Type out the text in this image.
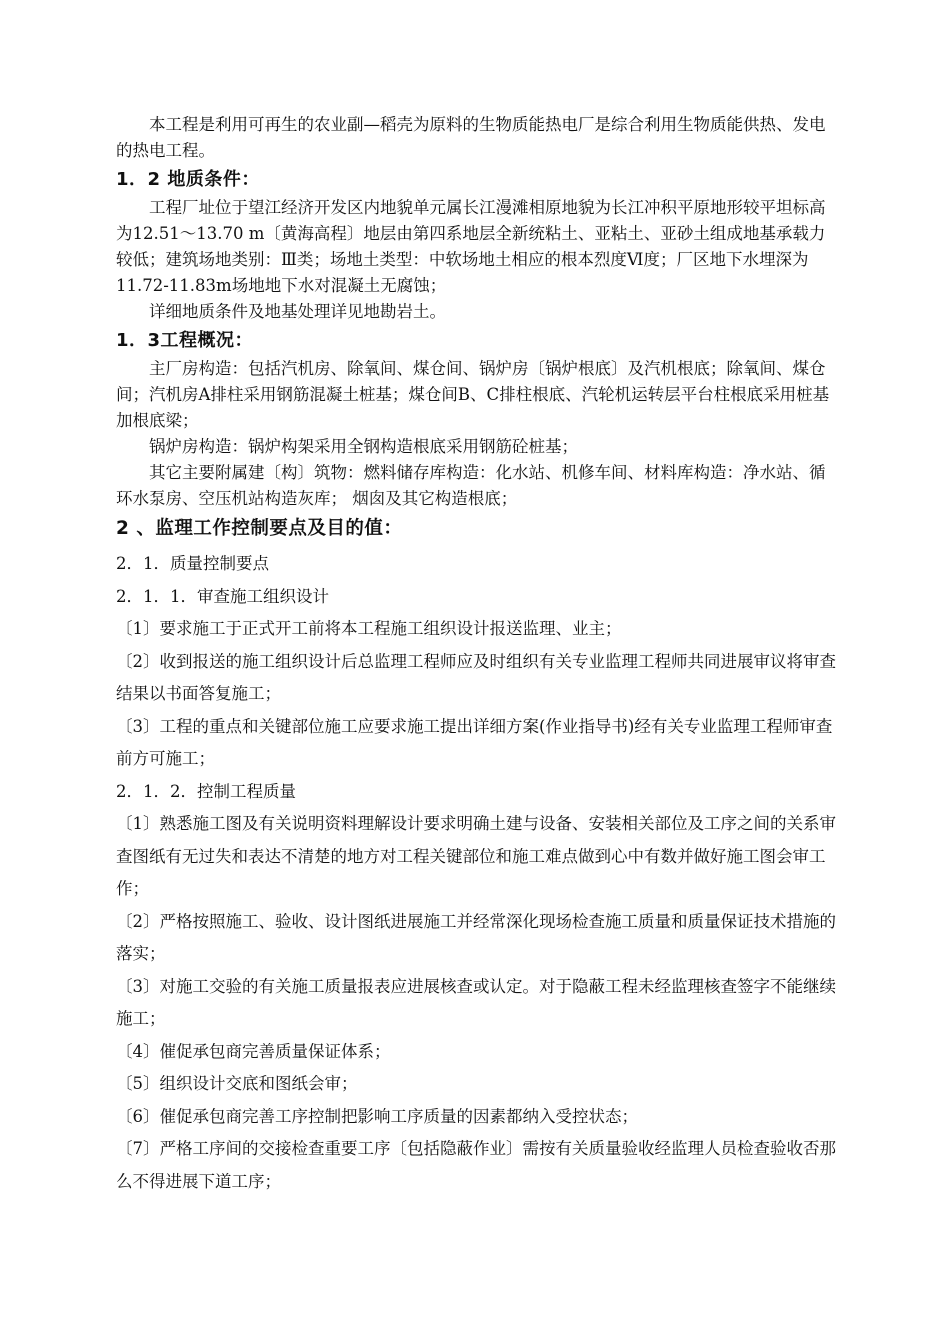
本工程是利用可再生的农业副—稻壳为原料的生物质能热电厂是综合利用生物质能供热、发电的热电工程。

1．2 地质条件：

工程厂址位于望江经济开发区内地貌单元属长江漫滩相原地貌为长江冲积平原地形较平坦标高为12.51～13.70 m〔黄海高程〕地层由第四系地层全新统粘土、亚粘土、亚砂土组成地基承载力较低；建筑场地类别：Ⅲ类；场地土类型：中软场地土相应的根本烈度Ⅵ度；厂区地下水埋深为11.72-11.83m场地地下水对混凝土无腐蚀；

详细地质条件及地基处理详见地勘岩土。

1．3工程概况：

主厂房构造：包括汽机房、除氧间、煤仓间、锅炉房〔锅炉根底〕及汽机根底；除氧间、煤仓间；汽机房A排柱采用钢筋混凝土桩基；煤仓间B、C排柱根底、汽轮机运转层平台柱根底采用桩基加根底梁；

锅炉房构造：锅炉构架采用全钢构造根底采用钢筋砼桩基；

其它主要附属建〔构〕筑物：燃料储存库构造：化水站、机修车间、材料库构造：净水站、循环水泵房、空压机站构造灰库； 烟囱及其它构造根底；

2 、监理工作控制要点及目的值：

2．1．质量控制要点

2．1．1．审查施工组织设计

〔1〕要求施工于正式开工前将本工程施工组织设计报送监理、业主；

〔2〕收到报送的施工组织设计后总监理工程师应及时组织有关专业监理工程师共同进展审议将审查结果以书面答复施工；

〔3〕工程的重点和关键部位施工应要求施工提出详细方案(作业指导书)经有关专业监理工程师审查前方可施工；

2．1．2．控制工程质量

〔1〕熟悉施工图及有关说明资料理解设计要求明确土建与设备、安装相关部位及工序之间的关系审查图纸有无过失和表达不清楚的地方对工程关键部位和施工难点做到心中有数并做好施工图会审工作；

〔2〕严格按照施工、验收、设计图纸进展施工并经常深化现场检查施工质量和质量保证技术措施的落实；

〔3〕对施工交验的有关施工质量报表应进展核查或认定。对于隐蔽工程未经监理核查签字不能继续施工；

〔4〕催促承包商完善质量保证体系；

〔5〕组织设计交底和图纸会审；

〔6〕催促承包商完善工序控制把影响工序质量的因素都纳入受控状态；

〔7〕严格工序间的交接检查重要工序〔包括隐蔽作业〕需按有关质量验收经监理人员检查验收否那么不得进展下道工序；
